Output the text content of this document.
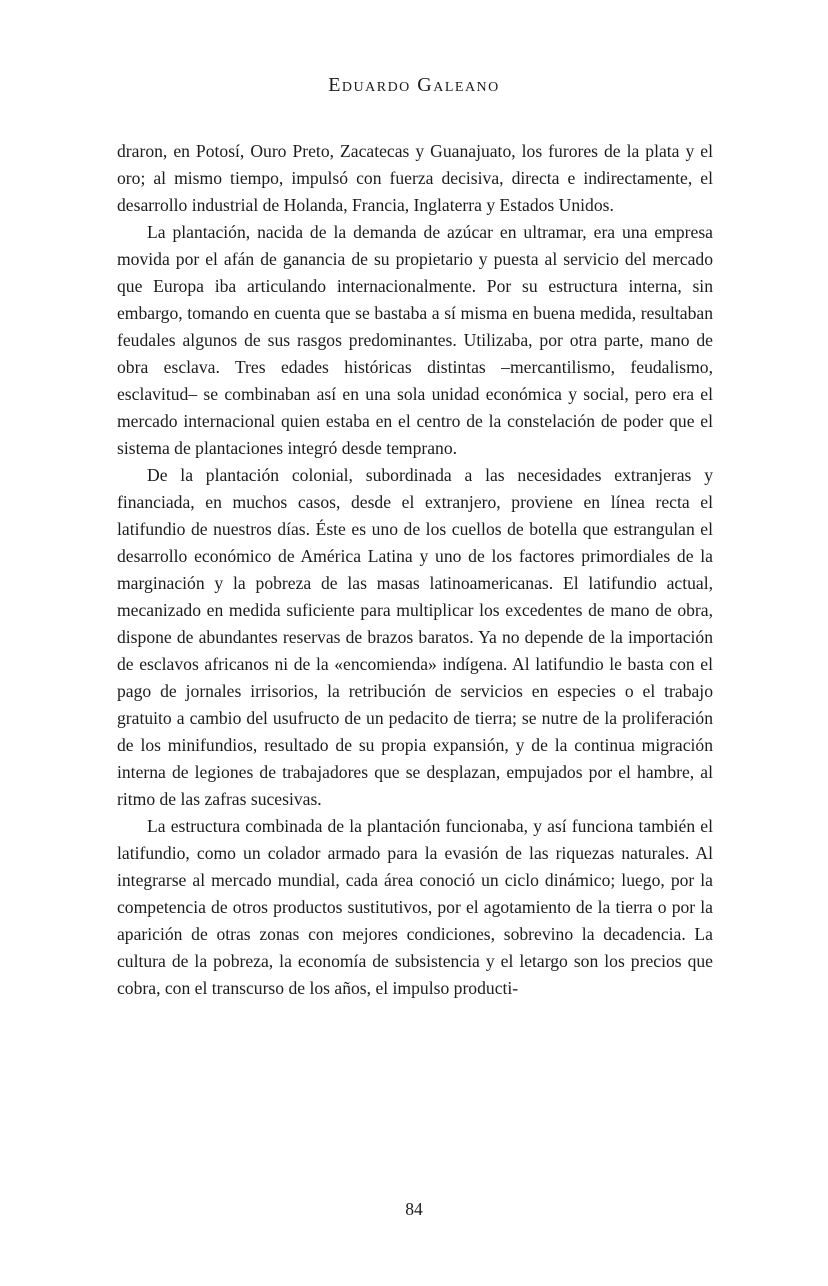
Eduardo Galeano

draron, en Potosí, Ouro Preto, Zacatecas y Guanajuato, los furores de la plata y el oro; al mismo tiempo, impulsó con fuerza decisiva, directa e indirectamente, el desarrollo industrial de Holanda, Francia, Inglaterra y Estados Unidos.

La plantación, nacida de la demanda de azúcar en ultramar, era una empresa movida por el afán de ganancia de su propietario y puesta al servicio del mercado que Europa iba articulando internacionalmente. Por su estructura interna, sin embargo, tomando en cuenta que se bastaba a sí misma en buena medida, resultaban feudales algunos de sus rasgos predominantes. Utilizaba, por otra parte, mano de obra esclava. Tres edades históricas distintas –mercantilismo, feudalismo, esclavitud– se combinaban así en una sola unidad económica y social, pero era el mercado internacional quien estaba en el centro de la constelación de poder que el sistema de plantaciones integró desde temprano.

De la plantación colonial, subordinada a las necesidades extranjeras y financiada, en muchos casos, desde el extranjero, proviene en línea recta el latifundio de nuestros días. Éste es uno de los cuellos de botella que estrangulan el desarrollo económico de América Latina y uno de los factores primordiales de la marginación y la pobreza de las masas latinoamericanas. El latifundio actual, mecanizado en medida suficiente para multiplicar los excedentes de mano de obra, dispone de abundantes reservas de brazos baratos. Ya no depende de la importación de esclavos africanos ni de la «encomienda» indígena. Al latifundio le basta con el pago de jornales irrisorios, la retribución de servicios en especies o el trabajo gratuito a cambio del usufructo de un pedacito de tierra; se nutre de la proliferación de los minifundios, resultado de su propia expansión, y de la continua migración interna de legiones de trabajadores que se desplazan, empujados por el hambre, al ritmo de las zafras sucesivas.

La estructura combinada de la plantación funcionaba, y así funciona también el latifundio, como un colador armado para la evasión de las riquezas naturales. Al integrarse al mercado mundial, cada área conoció un ciclo dinámico; luego, por la competencia de otros productos sustitutivos, por el agotamiento de la tierra o por la aparición de otras zonas con mejores condiciones, sobrevino la decadencia. La cultura de la pobreza, la economía de subsistencia y el letargo son los precios que cobra, con el transcurso de los años, el impulso producti-

84
